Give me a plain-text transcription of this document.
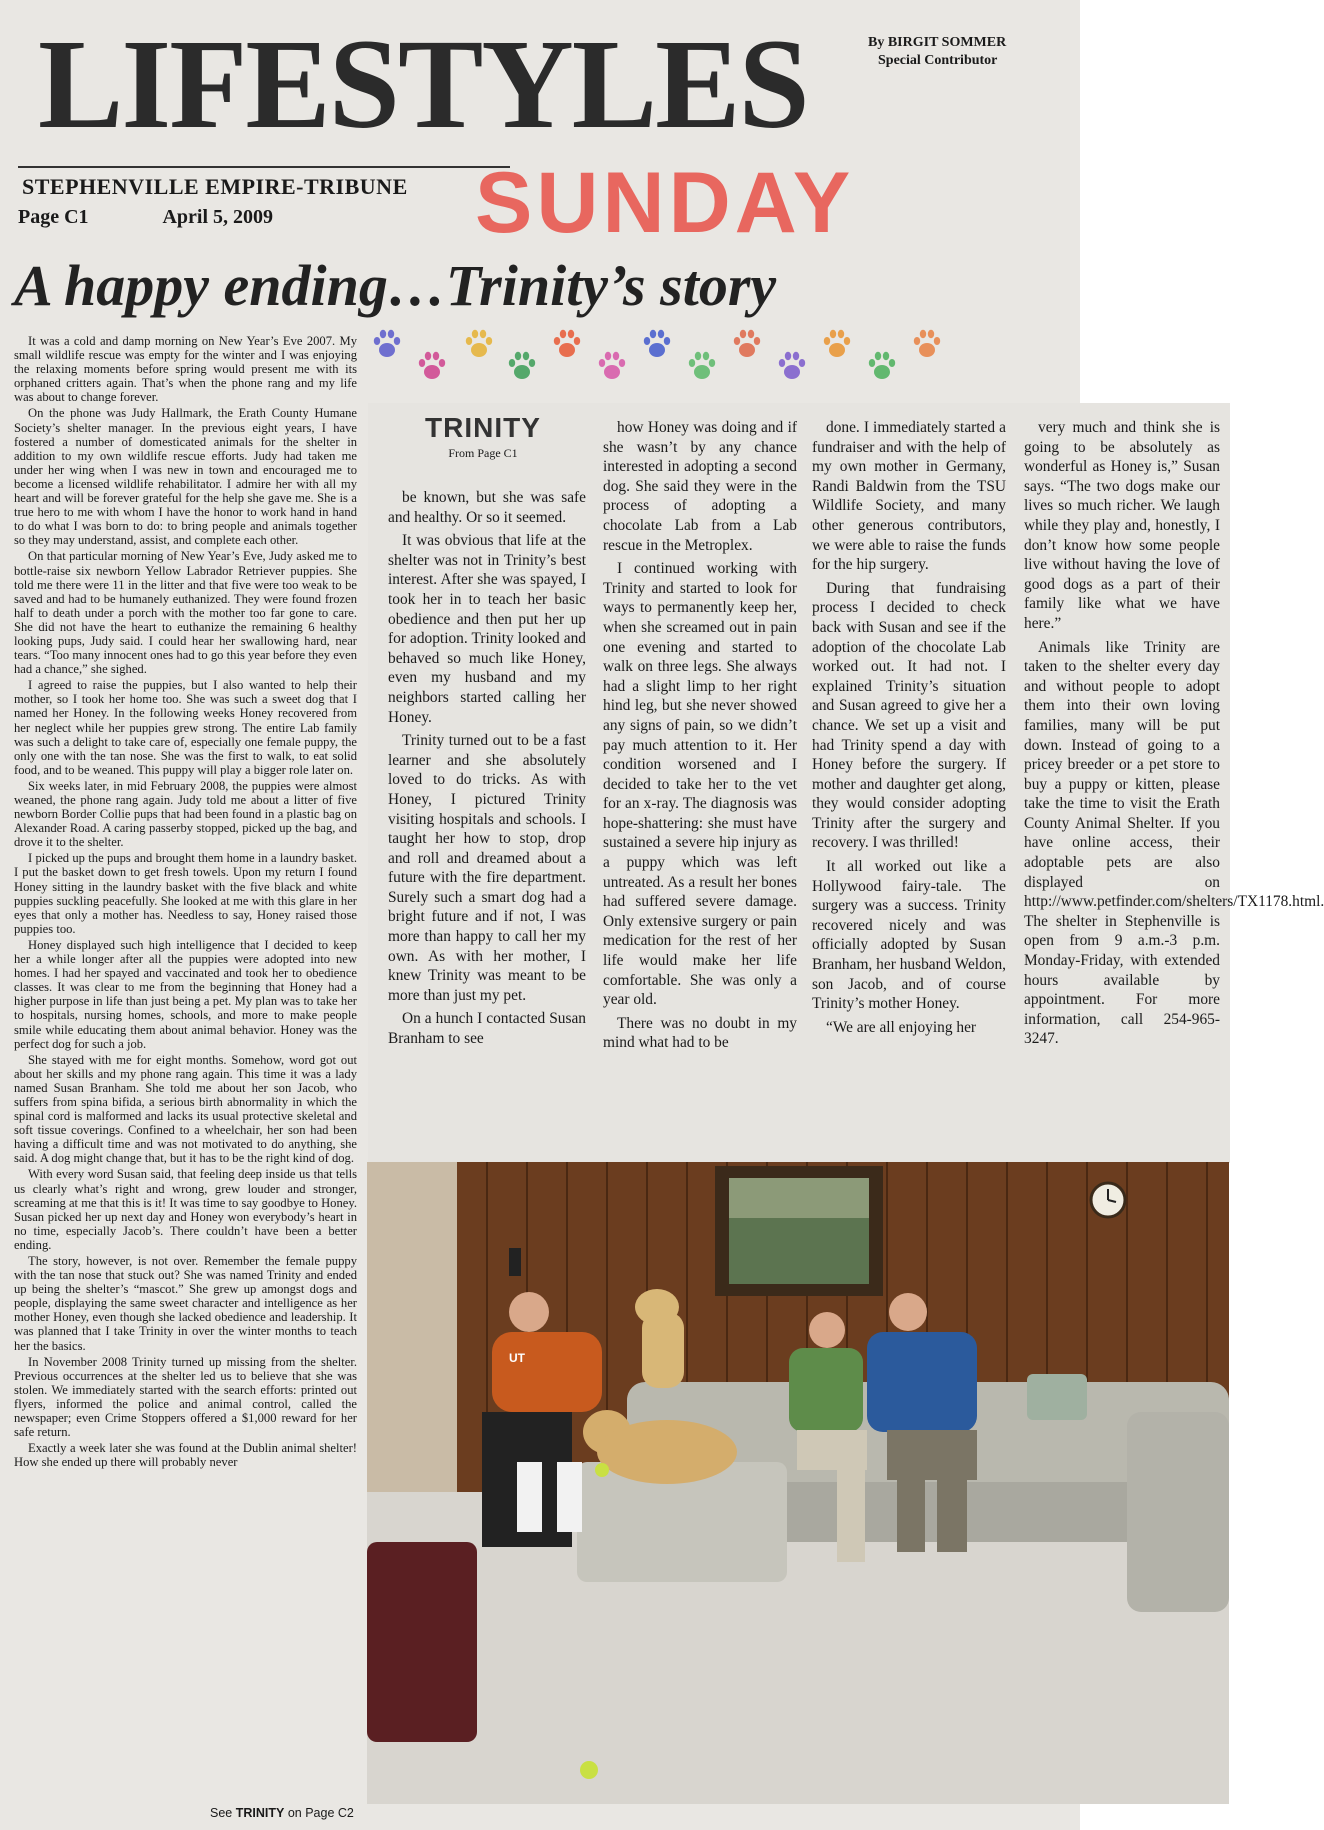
LIFESTYLES
STEPHENVILLE EMPIRE-TRIBUNE
Page C1	April 5, 2009	SUNDAY
By BIRGIT SOMMER
Special Contributor
A happy ending…Trinity’s story

It was a cold and damp morning on New Year’s Eve 2007. My small wildlife rescue was empty for the winter and I was enjoying the relaxing moments before spring would present me with its orphaned critters again. That’s when the phone rang and my life was about to change forever.

On the phone was Judy Hallmark, the Erath County Humane Society’s shelter manager. In the previous eight years, I have fostered a number of domesticated animals for the shelter in addition to my own wildlife rescue efforts. Judy had taken me under her wing when I was new in town and encouraged me to become a licensed wildlife rehabilitator. I admire her with all my heart and will be forever grateful for the help she gave me. She is a true hero to me with whom I have the honor to work hand in hand to do what I was born to do: to bring people and animals together so they may understand, assist, and complete each other.

On that particular morning of New Year’s Eve, Judy asked me to bottle-raise six newborn Yellow Labrador Retriever puppies. She told me there were 11 in the litter and that five were too weak to be saved and had to be humanely euthanized. They were found frozen half to death under a porch with the mother too far gone to care. She did not have the heart to euthanize the remaining 6 healthy looking pups, Judy said. I could hear her swallowing hard, near tears. “Too many innocent ones had to go this year before they even had a chance,” she sighed.

I agreed to raise the puppies, but I also wanted to help their mother, so I took her home too. She was such a sweet dog that I named her Honey. In the following weeks Honey recovered from her neglect while her puppies grew strong. The entire Lab family was such a delight to take care of, especially one female puppy, the only one with the tan nose. She was the first to walk, to eat solid food, and to be weaned. This puppy will play a bigger role later on.

Six weeks later, in mid February 2008, the puppies were almost weaned, the phone rang again. Judy told me about a litter of five newborn Border Collie pups that had been found in a plastic bag on Alexander Road. A caring passerby stopped, picked up the bag, and drove it to the shelter.

I picked up the pups and brought them home in a laundry basket. I put the basket down to get fresh towels. Upon my return I found Honey sitting in the laundry basket with the five black and white puppies suckling peacefully. She looked at me with this glare in her eyes that only a mother has. Needless to say, Honey raised those puppies too.

Honey displayed such high intelligence that I decided to keep her a while longer after all the puppies were adopted into new homes. I had her spayed and vaccinated and took her to obedience classes. It was clear to me from the beginning that Honey had a higher purpose in life than just being a pet. My plan was to take her to hospitals, nursing homes, schools, and more to make people smile while educating them about animal behavior. Honey was the perfect dog for such a job.

She stayed with me for eight months. Somehow, word got out about her skills and my phone rang again. This time it was a lady named Susan Branham. She told me about her son Jacob, who suffers from spina bifida, a serious birth abnormality in which the spinal cord is malformed and lacks its usual protective skeletal and soft tissue coverings. Confined to a wheelchair, her son had been having a difficult time and was not motivated to do anything, she said. A dog might change that, but it has to be the right kind of dog.

With every word Susan said, that feeling deep inside us that tells us clearly what’s right and wrong, grew louder and stronger, screaming at me that this is it! It was time to say goodbye to Honey. Susan picked her up next day and Honey won everybody’s heart in no time, especially Jacob’s. There couldn’t have been a better ending.

The story, however, is not over. Remember the female puppy with the tan nose that stuck out? She was named Trinity and ended up being the shelter’s “mascot.” She grew up amongst dogs and people, displaying the same sweet character and intelligence as her mother Honey, even though she lacked obedience and leadership. It was planned that I take Trinity in over the winter months to teach her the basics.

In November 2008 Trinity turned up missing from the shelter. Previous occurrences at the shelter led us to believe that she was stolen. We immediately started with the search efforts: printed out flyers, informed the police and animal control, called the newspaper; even Crime Stoppers offered a $1,000 reward for her safe return.

Exactly a week later she was found at the Dublin animal shelter! How she ended up there will probably never

See TRINITY on Page C2
TRINITY
From Page C1

be known, but she was safe and healthy. Or so it seemed.

It was obvious that life at the shelter was not in Trinity’s best interest. After she was spayed, I took her in to teach her basic obedience and then put her up for adoption. Trinity looked and behaved so much like Honey, even my husband and my neighbors started calling her Honey.

Trinity turned out to be a fast learner and she absolutely loved to do tricks. As with Honey, I pictured Trinity visiting hospitals and schools. I taught her how to stop, drop and roll and dreamed about a future with the fire department. Surely such a smart dog had a bright future and if not, I was more than happy to call her my own. As with her mother, I knew Trinity was meant to be more than just my pet.

On a hunch I contacted Susan Branham to see

how Honey was doing and if she wasn’t by any chance interested in adopting a second dog. She said they were in the process of adopting a chocolate Lab from a Lab rescue in the Metroplex.

I continued working with Trinity and started to look for ways to permanently keep her, when she screamed out in pain one evening and started to walk on three legs. She always had a slight limp to her right hind leg, but she never showed any signs of pain, so we didn’t pay much attention to it. Her condition worsened and I decided to take her to the vet for an x-ray. The diagnosis was hope-shattering: she must have sustained a severe hip injury as a puppy which was left untreated. As a result her bones had suffered severe damage. Only extensive surgery or pain medication for the rest of her life would make her life comfortable. She was only a year old.

There was no doubt in my mind what had to be

done. I immediately started a fundraiser and with the help of my own mother in Germany, Randi Baldwin from the TSU Wildlife Society, and many other generous contributors, we were able to raise the funds for the hip surgery.

During that fundraising process I decided to check back with Susan and see if the adoption of the chocolate Lab worked out. It had not. I explained Trinity’s situation and Susan agreed to give her a chance. We set up a visit and had Trinity spend a day with Honey before the surgery. If mother and daughter get along, they would consider adopting Trinity after the surgery and recovery. I was thrilled!

It all worked out like a Hollywood fairy-tale. The surgery was a success. Trinity recovered nicely and was officially adopted by Susan Branham, her husband Weldon, son Jacob, and of course Trinity’s mother Honey.

“We are all enjoying her

very much and think she is going to be absolutely as wonderful as Honey is,” Susan says. “The two dogs make our lives so much richer. We laugh while they play and, honestly, I don’t know how some people live without having the love of good dogs as a part of their family like what we have here.”

Animals like Trinity are taken to the shelter every day and without people to adopt them into their own loving families, many will be put down. Instead of going to a pricey breeder or a pet store to buy a puppy or kitten, please take the time to visit the Erath County Animal Shelter. If you have online access, their adoptable pets are also displayed on http://www.petfinder.com/shelters/TX1178.html. The shelter in Stephenville is open from 9 a.m.-3 p.m. Monday-Friday, with extended hours available by appointment. For more information, call 254-965-3247.

UT
